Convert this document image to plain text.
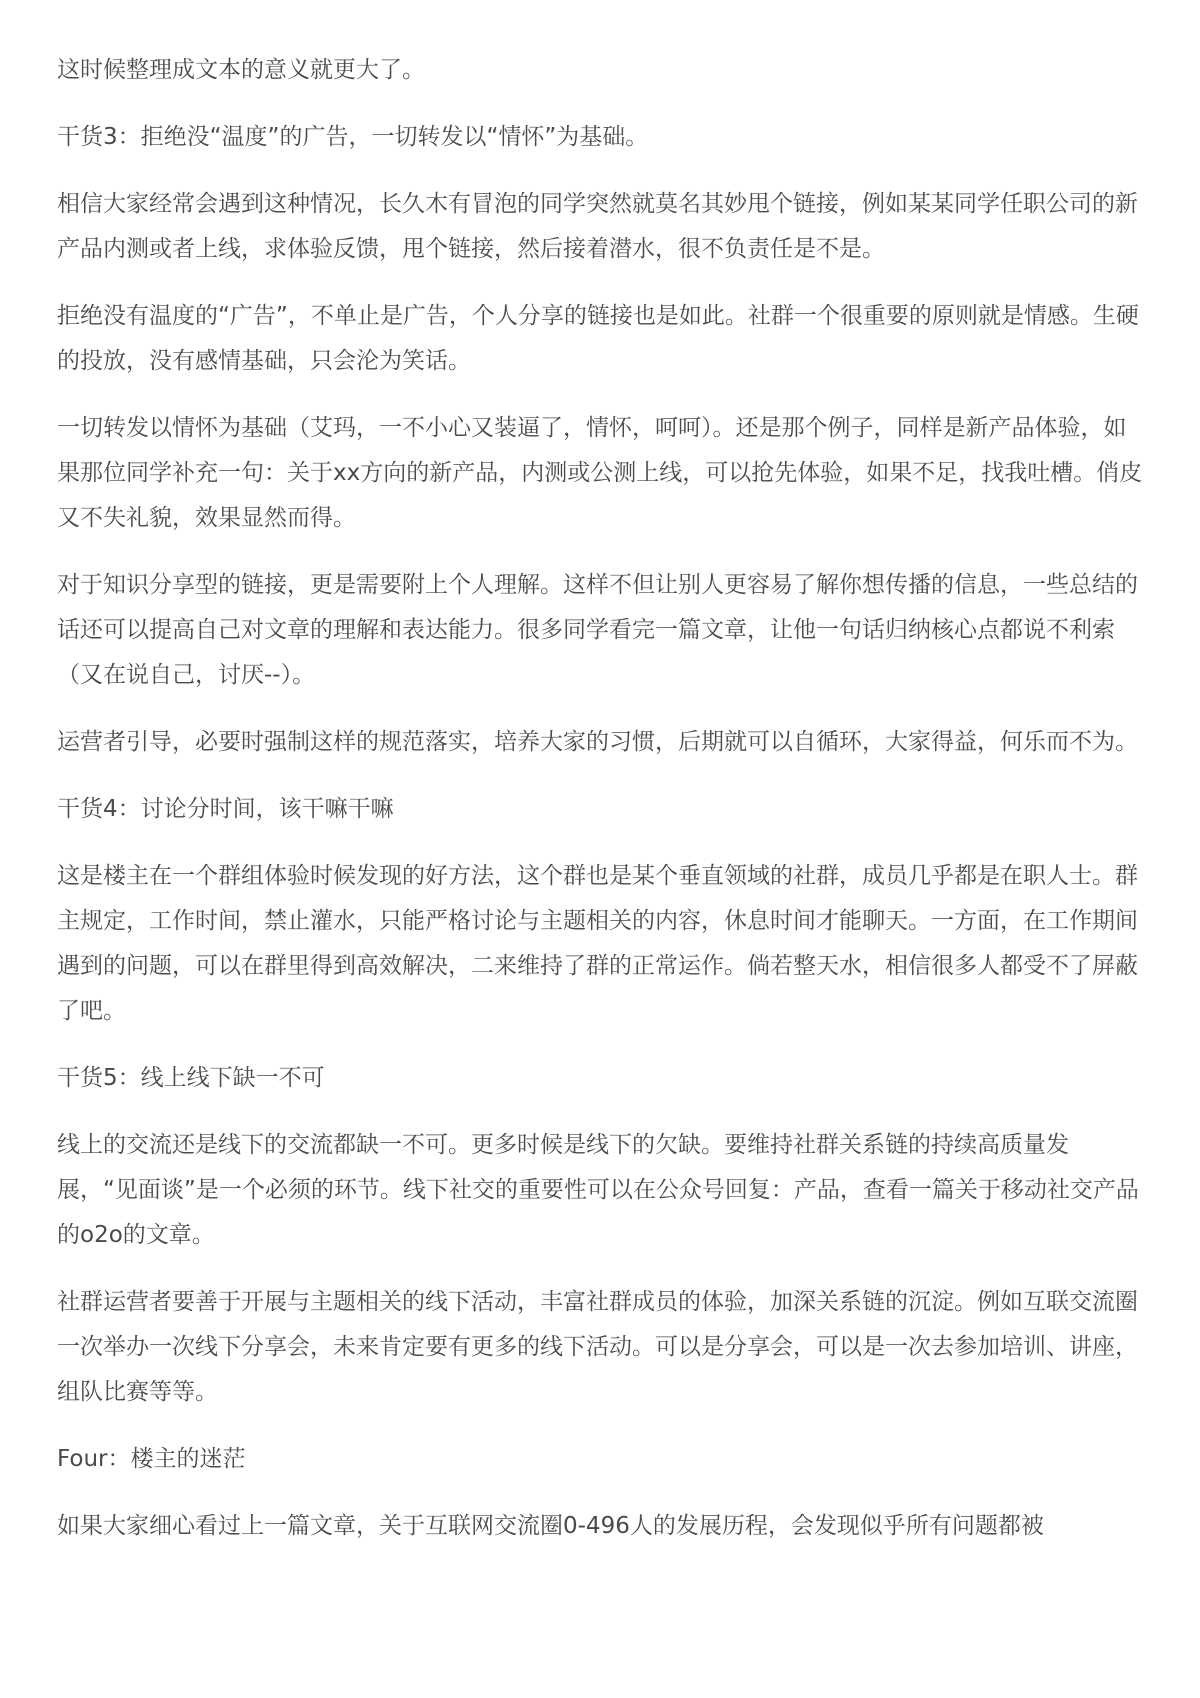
这时候整理成文本的意义就更大了。

干货3：拒绝没“温度”的广告，一切转发以“情怀”为基础。

相信大家经常会遇到这种情况，长久木有冒泡的同学突然就莫名其妙甩个链接，例如某某同学任职公司的新产品内测或者上线，求体验反馈，甩个链接，然后接着潜水，很不负责任是不是。

拒绝没有温度的“广告”，不单止是广告，个人分享的链接也是如此。社群一个很重要的原则就是情感。生硬的投放，没有感情基础，只会沦为笑话。

一切转发以情怀为基础（艾玛，一不小心又装逼了，情怀，呵呵）。还是那个例子，同样是新产品体验，如果那位同学补充一句：关于xx方向的新产品，内测或公测上线，可以抢先体验，如果不足，找我吐槽。俏皮又不失礼貌，效果显然而得。

对于知识分享型的链接，更是需要附上个人理解。这样不但让别人更容易了解你想传播的信息，一些总结的话还可以提高自己对文章的理解和表达能力。很多同学看完一篇文章，让他一句话归纳核心点都说不利索（又在说自己，讨厌--）。

运营者引导，必要时强制这样的规范落实，培养大家的习惯，后期就可以自循环，大家得益，何乐而不为。

干货4：讨论分时间，该干嘛干嘛

这是楼主在一个群组体验时候发现的好方法，这个群也是某个垂直领域的社群，成员几乎都是在职人士。群主规定，工作时间，禁止灌水，只能严格讨论与主题相关的内容，休息时间才能聊天。一方面，在工作期间遇到的问题，可以在群里得到高效解决，二来维持了群的正常运作。倘若整天水，相信很多人都受不了屏蔽了吧。

干货5：线上线下缺一不可

线上的交流还是线下的交流都缺一不可。更多时候是线下的欠缺。要维持社群关系链的持续高质量发展，“见面谈”是一个必须的环节。线下社交的重要性可以在公众号回复：产品，查看一篇关于移动社交产品的o2o的文章。

社群运营者要善于开展与主题相关的线下活动，丰富社群成员的体验，加深关系链的沉淀。例如互联交流圈一次举办一次线下分享会，未来肯定要有更多的线下活动。可以是分享会，可以是一次去参加培训、讲座，组队比赛等等。

Four：楼主的迷茫

如果大家细心看过上一篇文章，关于互联网交流圈0-496人的发展历程，会发现似乎所有问题都被
